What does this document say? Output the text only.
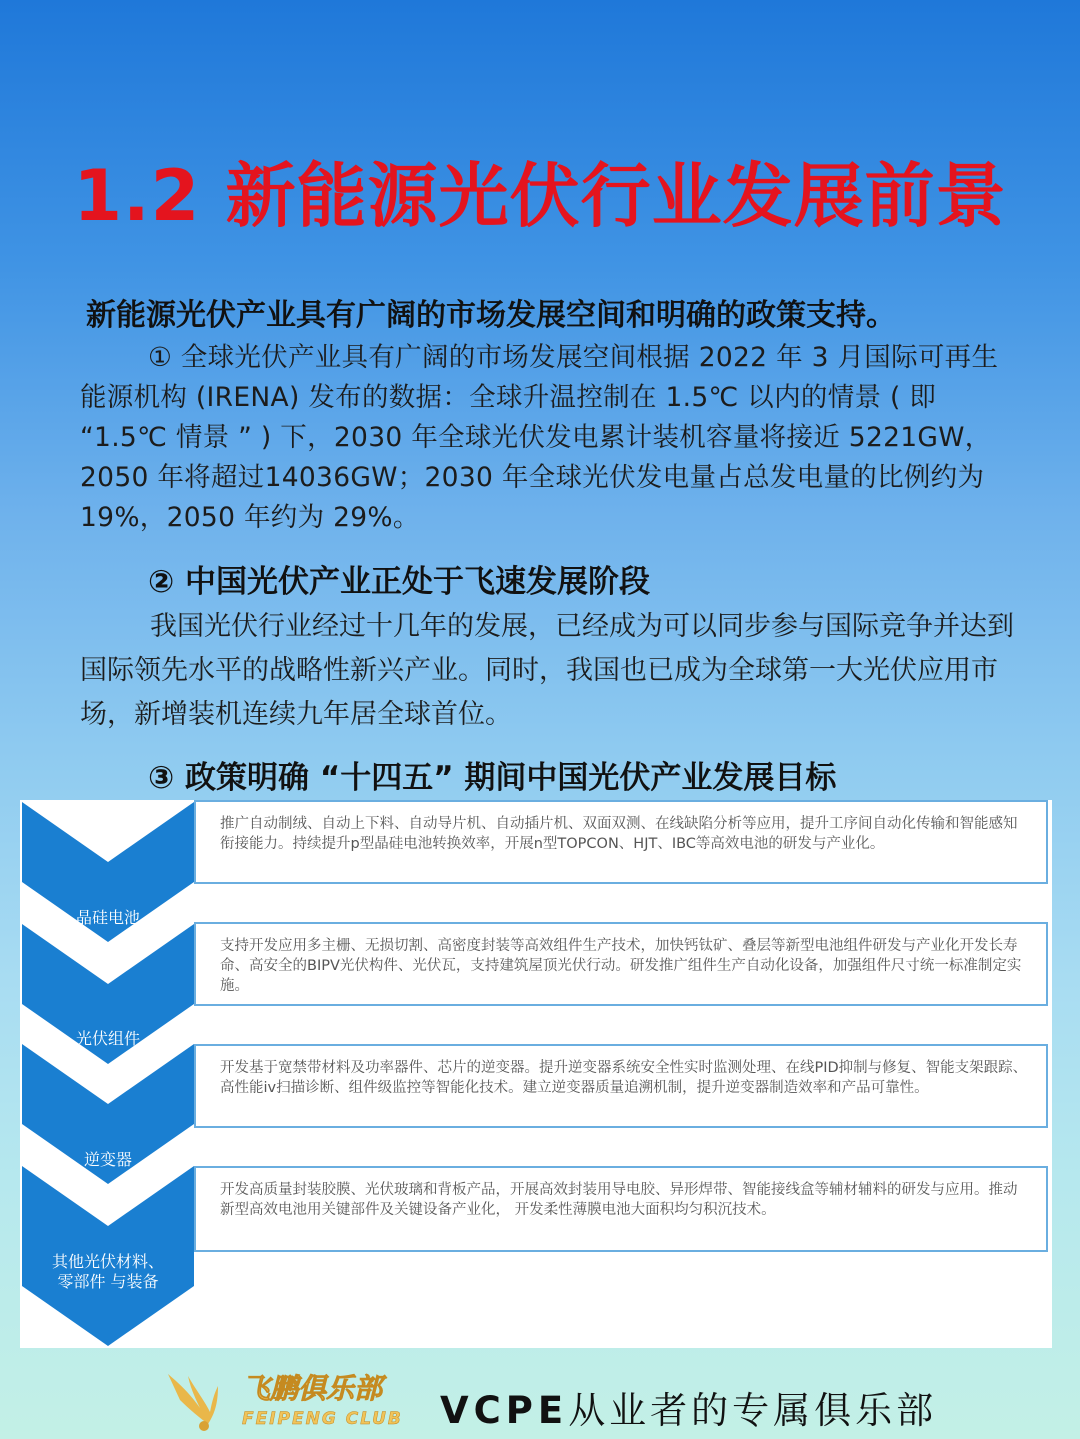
1.2 新能源光伏行业发展前景
新能源光伏产业具有广阔的市场发展空间和明确的政策支持。
① 全球光伏产业具有广阔的市场发展空间根据 2022 年 3 月国际可再生能源机构 (IRENA) 发布的数据：全球升温控制在 1.5℃ 以内的情景 ( 即 “1.5℃ 情景 ” ) 下，2030 年全球光伏发电累计装机容量将接近 5221GW，2050 年将超过14036GW；2030 年全球光伏发电量占总发电量的比例约为 19%，2050 年约为 29%。
② 中国光伏产业正处于飞速发展阶段
我国光伏行业经过十几年的发展，已经成为可以同步参与国际竞争并达到国际领先水平的战略性新兴产业。同时，我国也已成为全球第一大光伏应用市场，新增装机连续九年居全球首位。
③ 政策明确 “十四五” 期间中国光伏产业发展目标
晶硅电池
光伏组件
逆变器
其他光伏材料、
零部件 与装备
推广自动制绒、自动上下料、自动导片机、自动插片机、双面双测、在线缺陷分析等应用，提升工序间自动化传输和智能感知衔接能力。持续提升p型晶硅电池转换效率，开展n型TOPCON、HJT、IBC等高效电池的研发与产业化。
支持开发应用多主栅、无损切割、高密度封装等高效组件生产技术，加快钙钛矿、叠层等新型电池组件研发与产业化开发长寿命、高安全的BIPV光伏构件、光伏瓦，支持建筑屋顶光伏行动。研发推广组件生产自动化设备，加强组件尺寸统一标准制定实施。
开发基于宽禁带材料及功率器件、芯片的逆变器。提升逆变器系统安全性实时监测处理、在线PID抑制与修复、智能支架跟踪、高性能iv扫描诊断、组件级监控等智能化技术。建立逆变器质量追溯机制，提升逆变器制造效率和产品可靠性。
开发高质量封装胶膜、光伏玻璃和背板产品，开展高效封装用导电胶、异形焊带、智能接线盒等辅材辅料的研发与应用。推动新型高效电池用关键部件及关键设备产业化， 开发柔性薄膜电池大面积均匀积沉技术。
飞鹏俱乐部
FEIPENG CLUB VCPE从业者的专属俱乐部
